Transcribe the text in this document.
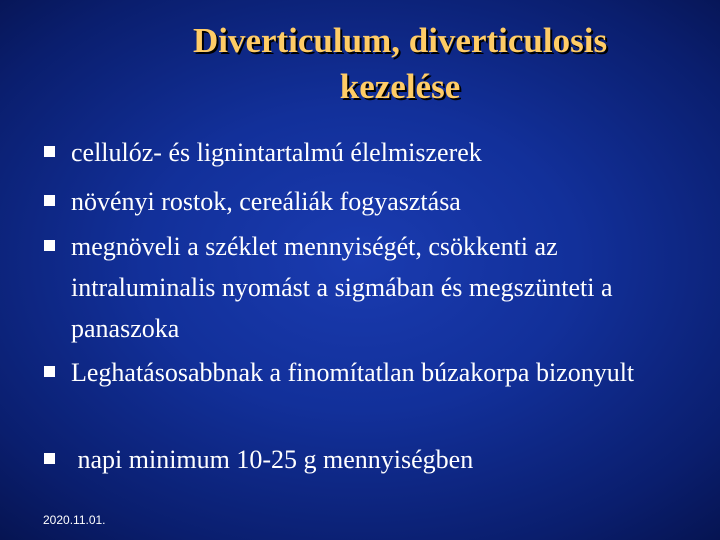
Diverticulum, diverticulosis
kezelése
cellulóz- és lignintartalmú élelmiszerek
növényi rostok, cereáliák fogyasztása
megnöveli a széklet mennyiségét, csökkenti az intraluminalis nyomást a sigmában és megszünteti a panaszoka
Leghatásosabbnak a finomítatlan búzakorpa bizonyult
napi minimum 10-25 g mennyiségben
2020.11.01.
